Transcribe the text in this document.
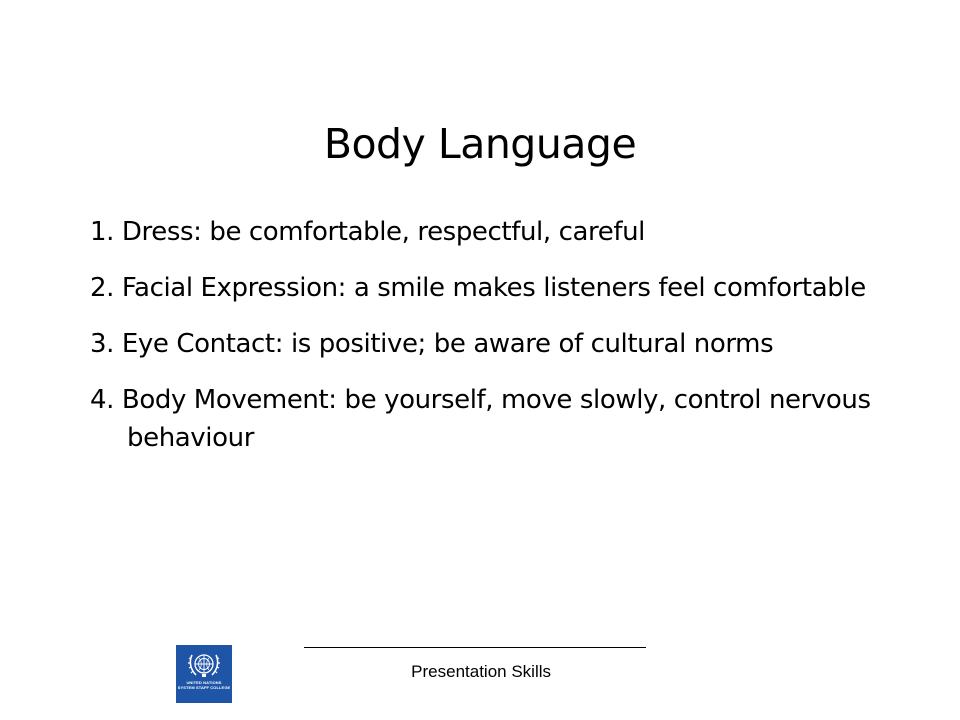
Body Language
1. Dress: be comfortable, respectful, careful
2. Facial Expression: a smile makes listeners feel comfortable
3. Eye Contact: is positive; be aware of cultural norms
4. Body Movement: be yourself, move slowly, control nervous behaviour
UNITED NATIONS
SYSTEM STAFF COLLEGE
Presentation Skills
